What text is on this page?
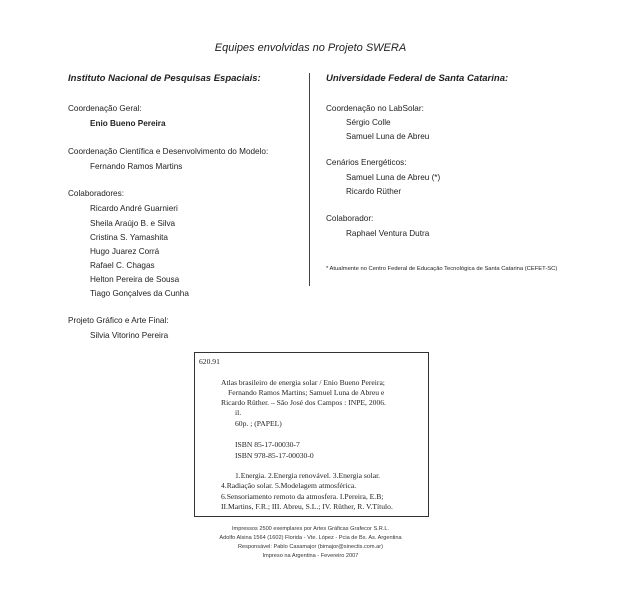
Equipes envolvidas no Projeto SWERA
Instituto Nacional de Pesquisas Espaciais:
Coordenação Geral:
Enio Bueno Pereira
Coordenação Científica e Desenvolvimento do Modelo:
Fernando Ramos Martins
Colaboradores:
Ricardo André Guarnieri
Sheila Araújo B. e Silva
Cristina S. Yamashita
Hugo Juarez Corrá
Rafael C. Chagas
Helton Pereira de Sousa
Tiago Gonçalves da Cunha
Projeto Gráfico e Arte Final:
Silvia Vitorino Pereira
Universidade Federal de Santa Catarina:
Coordenação no LabSolar:
Sérgio Colle
Samuel Luna de Abreu
Cenários Energéticos:
Samuel Luna de Abreu (*)
Ricardo Rüther
Colaborador:
Raphael Ventura Dutra
* Atualmente no Centro Federal de Educação Tecnológica de Santa Catarina (CEFET-SC)
620.91
Atlas brasileiro de energia solar / Enio Bueno Pereira;
Fernando Ramos Martins; Samuel Luna de Abreu e
Ricardo Rüther. – São José dos Campos : INPE, 2006.
il.
60p. ; (PAPEL)
ISBN 85-17-00030-7
ISBN 978-85-17-00030-0
1.Energia. 2.Energia renovável. 3.Energia solar.
4.Radiação solar. 5.Modelagem atmosférica.
6.Sensoriamento remoto da atmosfera. I.Pereira, E.B;
II.Martins, F.R.; III. Abreu, S.L.; IV. Rüther, R. V.Título.
Impressos 2500 exemplares por Artes Gráficas Grafecor S.R.L.
Adolfo Alsina 1564 (1602) Florida - Vte. López - Pcia de Bs. As. Argentina
Responsável: Pablo Casamajor (bimajor@sinectis.com.ar)
Impreso na Argentina - Fevereiro 2007
